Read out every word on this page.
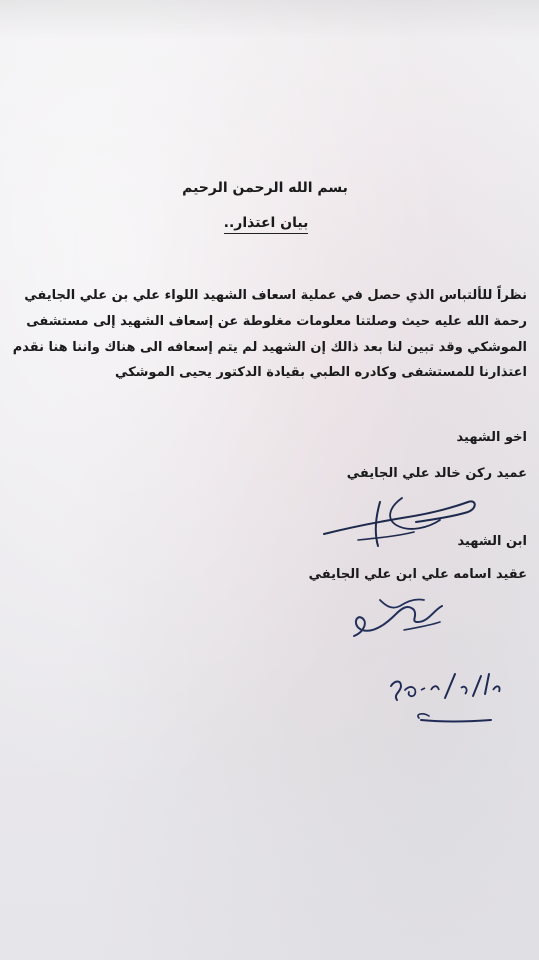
بسم الله الرحمن الرحيم
بيان اعتذار..
نظراً للألتباس الذي حصل في عملية اسعاف الشهيد اللواء علي بن علي الجايفي
رحمة الله عليه حيث وصلتنا معلومات مغلوطة عن إسعاف الشهيد إلى مستشفى
الموشكي وقد تبين لنا بعد ذالك إن الشهيد لم يتم إسعافه الى هناك واننا هنا نقدم
اعتذارنا للمستشفى وكادره الطبي بقيادة الدكتور يحيى الموشكي
اخو الشهيد
عميد ركن خالد علي الجايفي
ابن الشهيد
عقيد اسامه علي ابن علي الجايفي
